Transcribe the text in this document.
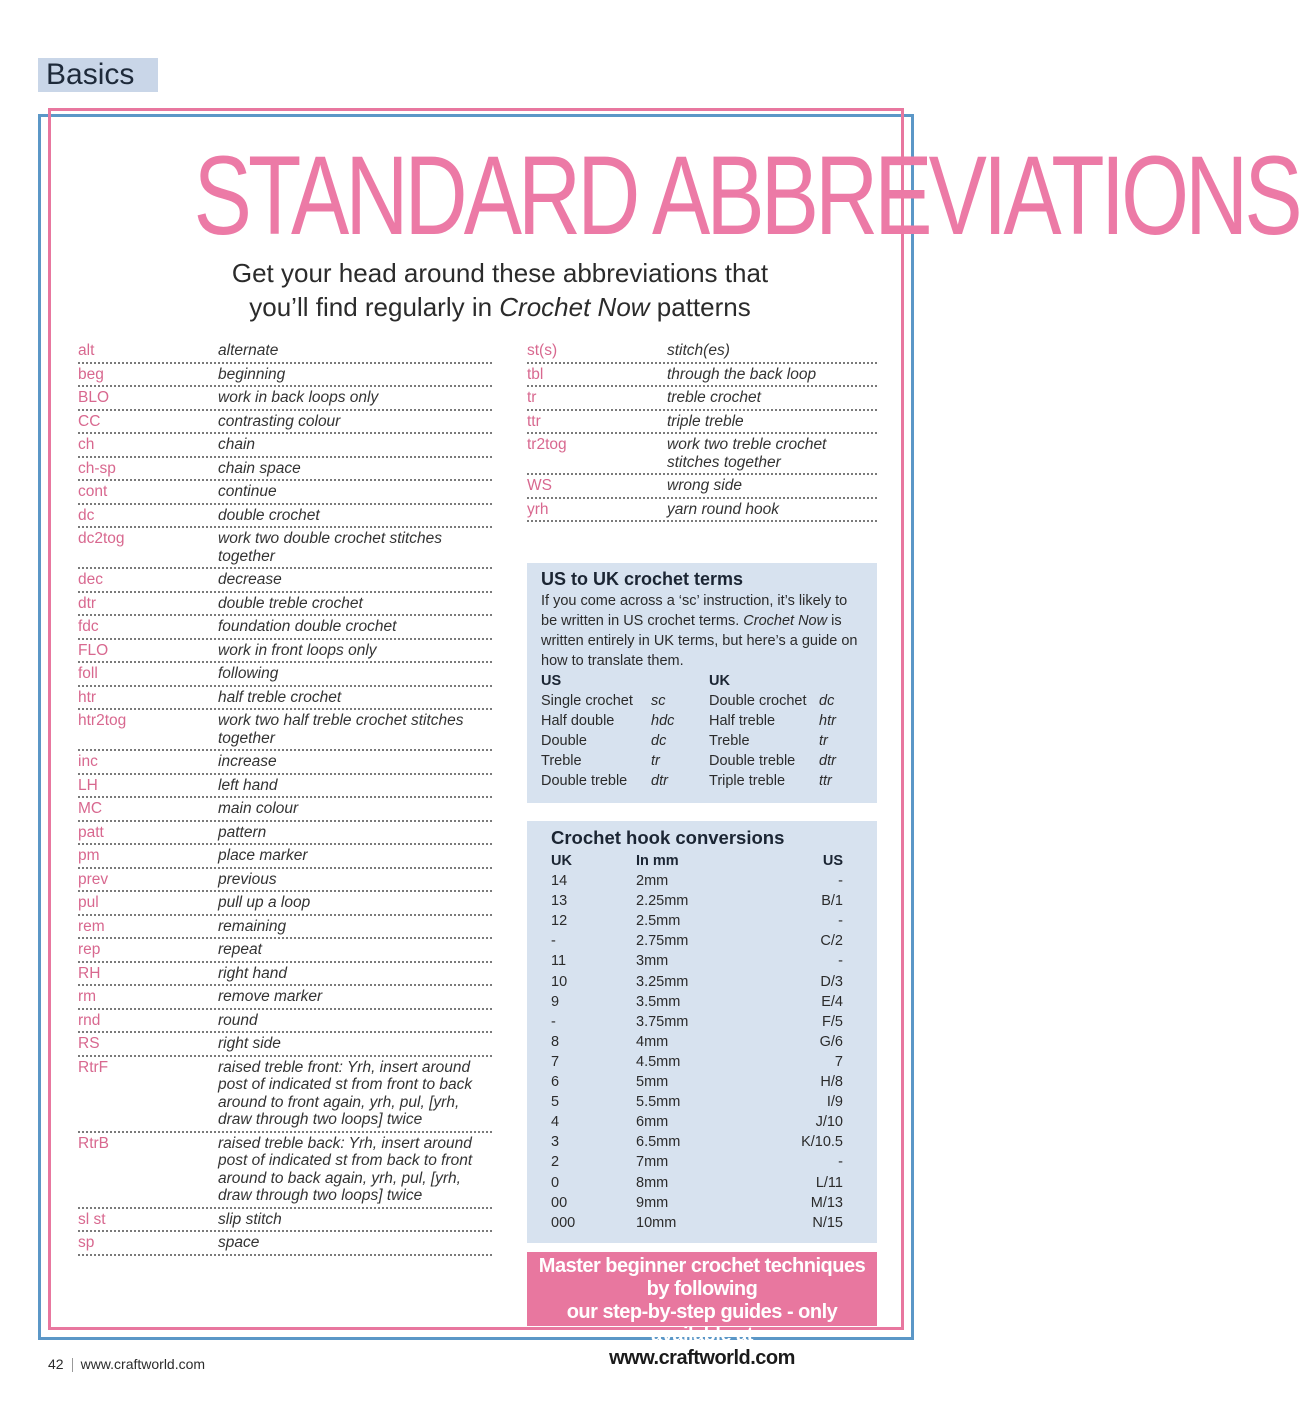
Basics
STANDARD ABBREVIATIONS
Get your head around these abbreviations that
you’ll find regularly in Crochet Now patterns
alt	alternate
beg	beginning
BLO	work in back loops only
CC	contrasting colour
ch	chain
ch-sp	chain space
cont	continue
dc	double crochet
dc2tog	work two double crochet stitches together
dec	decrease
dtr	double treble crochet
fdc	foundation double crochet
FLO	work in front loops only
foll	following
htr	half treble crochet
htr2tog	work two half treble crochet stitches together
inc	increase
LH	left hand
MC	main colour
patt	pattern
pm	place marker
prev	previous
pul	pull up a loop
rem	remaining
rep	repeat
RH	right hand
rm	remove marker
rnd	round
RS	right side
RtrF	raised treble front: Yrh, insert around post of indicated st from front to back around to front again, yrh, pul, [yrh, draw through two loops] twice
RtrB	raised treble back: Yrh, insert around post of indicated st from back to front around to back again, yrh, pul, [yrh, draw through two loops] twice
sl st	slip stitch
sp	space
st(s)	stitch(es)
tbl	through the back loop
tr	treble crochet
ttr	triple treble
tr2tog	work two treble crochet stitches together
WS	wrong side
yrh	yarn round hook
US to UK crochet terms

If you come across a ‘sc’ instruction, it’s likely to be written in US crochet terms. Crochet Now is written entirely in UK terms, but here’s a guide on how to translate them.

US	UK
Single crochet	sc	Double crochet dc
Half double	hdc	Half treble	htr
Double	dc	Treble	tr
Treble	tr	Double treble	dtr
Double treble	dtr	Triple treble	ttr
Crochet hook conversions
UK	In mm	US
14	2mm	-
13	2.25mm	B/1
12	2.5mm	-
-	2.75mm	C/2
11	3mm	-
10	3.25mm	D/3
9	3.5mm	E/4
-	3.75mm	F/5
8	4mm	G/6
7	4.5mm	7
6	5mm	H/8
5	5.5mm	I/9
4	6mm	J/10
3	6.5mm	K/10.5
2	7mm	-
0	8mm	L/11
00	9mm	M/13
000	10mm	N/15
Master beginner crochet techniques by following
our step-by-step guides - only available at
www.craftworld.com
42 www.craftworld.com
